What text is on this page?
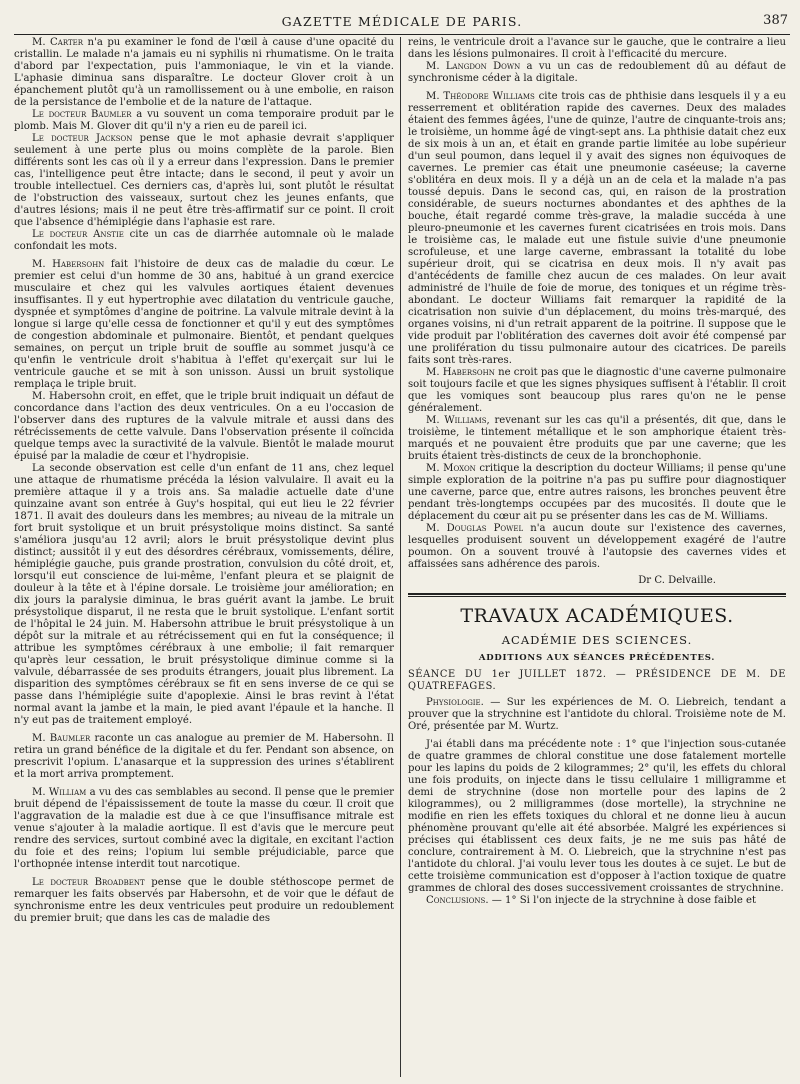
GAZETTE MÉDICALE DE PARIS.	387

M. Carter n'a pu examiner le fond de l'œil à cause d'une opacité du cristallin. Le malade n'a jamais eu ni syphilis ni rhumatisme. On le traita d'abord par l'expectation, puis l'ammoniaque, le vin et la viande. L'aphasie diminua sans disparaître. Le docteur Glover croit à un épanchement plutôt qu'à un ramollissement ou à une embolie, en raison de la persistance de l'embolie et de la nature de l'attaque.

Le docteur Baumler a vu souvent un coma temporaire produit par le plomb. Mais M. Glover dit qu'il n'y a rien eu de pareil ici.

Le docteur Jackson pense que le mot aphasie devrait s'appliquer seulement à une perte plus ou moins complète de la parole. Bien différents sont les cas où il y a erreur dans l'expression. Dans le premier cas, l'intelligence peut être intacte; dans le second, il peut y avoir un trouble intellectuel. Ces derniers cas, d'après lui, sont plutôt le résultat de l'obstruction des vaisseaux, surtout chez les jeunes enfants, que d'autres lésions; mais il ne peut être très-affirmatif sur ce point. Il croit que l'absence d'hémiplégie dans l'aphasie est rare.

Le docteur Anstie cite un cas de diarrhée automnale où le malade confondait les mots.

M. Habersohn fait l'histoire de deux cas de maladie du cœur. Le premier est celui d'un homme de 30 ans, habitué à un grand exercice musculaire et chez qui les valvules aortiques étaient devenues insuffisantes. Il y eut hypertrophie avec dilatation du ventricule gauche, dyspnée et symptômes d'angine de poitrine. La valvule mitrale devint à la longue si large qu'elle cessa de fonctionner et qu'il y eut des symptômes de congestion abdominale et pulmonaire. Bientôt, et pendant quelques semaines, on perçut un triple bruit de souffle au sommet jusqu'à ce qu'enfin le ventricule droit s'habitua à l'effet qu'exerçait sur lui le ventricule gauche et se mit à son unisson. Aussi un bruit systolique remplaça le triple bruit.

M. Habersohn croit, en effet, que le triple bruit indiquait un défaut de concordance dans l'action des deux ventricules. On a eu l'occasion de l'observer dans des ruptures de la valvule mitrale et aussi dans des rétrécissements de cette valvule. Dans l'observation présente il coïncida quelque temps avec la suractivité de la valvule. Bientôt le malade mourut épuisé par la maladie de cœur et l'hydropisie.

La seconde observation est celle d'un enfant de 11 ans, chez lequel une attaque de rhumatisme précéda la lésion valvulaire. Il avait eu la première attaque il y a trois ans. Sa maladie actuelle date d'une quinzaine avant son entrée à Guy's hospital, qui eut lieu le 22 février 1871. Il avait des douleurs dans les membres; au niveau de la mitrale un fort bruit systolique et un bruit présystolique moins distinct. Sa santé s'améliora jusqu'au 12 avril; alors le bruit présystolique devint plus distinct; aussitôt il y eut des désordres cérébraux, vomissements, délire, hémiplégie gauche, puis grande prostration, convulsion du côté droit, et, lorsqu'il eut conscience de lui-même, l'enfant pleura et se plaignit de douleur à la tête et à l'épine dorsale. Le troisième jour amélioration; en dix jours la paralysie diminua, le bras guérit avant la jambe. Le bruit présystolique disparut, il ne resta que le bruit systolique. L'enfant sortit de l'hôpital le 24 juin. M. Habersohn attribue le bruit présystolique à un dépôt sur la mitrale et au rétrécissement qui en fut la conséquence; il attribue les symptômes cérébraux à une embolie; il fait remarquer qu'après leur cessation, le bruit présystolique diminue comme si la valvule, débarrassée de ses produits étrangers, jouait plus librement. La disparition des symptômes cérébraux se fit en sens inverse de ce qui se passe dans l'hémiplégie suite d'apoplexie. Ainsi le bras revint à l'état normal avant la jambe et la main, le pied avant l'épaule et la hanche. Il n'y eut pas de traitement employé.

M. Baumler raconte un cas analogue au premier de M. Habersohn. Il retira un grand bénéfice de la digitale et du fer. Pendant son absence, on prescrivit l'opium. L'anasarque et la suppression des urines s'établirent et la mort arriva promptement.

M. William a vu des cas semblables au second. Il pense que le premier bruit dépend de l'épaississement de toute la masse du cœur. Il croit que l'aggravation de la maladie est due à ce que l'insuffisance mitrale est venue s'ajouter à la maladie aortique. Il est d'avis que le mercure peut rendre des services, surtout combiné avec la digitale, en excitant l'action du foie et des reins; l'opium lui semble préjudiciable, parce que l'orthopnée intense interdit tout narcotique.

Le docteur Broadbent pense que le double stéthoscope permet de remarquer les faits observés par Habersohn, et de voir que le défaut de synchronisme entre les deux ventricules peut produire un redoublement du premier bruit; que dans les cas de maladie des

reins, le ventricule droit a l'avance sur le gauche, que le contraire a lieu dans les lésions pulmonaires. Il croit à l'efficacité du mercure.

M. Langdon Down a vu un cas de redoublement dû au défaut de synchronisme céder à la digitale.

M. Théodore Williams cite trois cas de phthisie dans lesquels il y a eu resserrement et oblitération rapide des cavernes. Deux des malades étaient des femmes âgées, l'une de quinze, l'autre de cinquante-trois ans; le troisième, un homme âgé de vingt-sept ans. La phthisie datait chez eux de six mois à un an, et était en grande partie limitée au lobe supérieur d'un seul poumon, dans lequel il y avait des signes non équivoques de cavernes. Le premier cas était une pneumonie caséeuse; la caverne s'oblitéra en deux mois. Il y a déjà un an de cela et la malade n'a pas toussé depuis. Dans le second cas, qui, en raison de la prostration considérable, de sueurs nocturnes abondantes et des aphthes de la bouche, était regardé comme très-grave, la maladie succéda à une pleuro-pneumonie et les cavernes furent cicatrisées en trois mois. Dans le troisième cas, le malade eut une fistule suivie d'une pneumonie scrofuleuse, et une large caverne, embrassant la totalité du lobe supérieur droit, qui se cicatrisa en deux mois. Il n'y avait pas d'antécédents de famille chez aucun de ces malades. On leur avait administré de l'huile de foie de morue, des toniques et un régime très-abondant. Le docteur Williams fait remarquer la rapidité de la cicatrisation non suivie d'un déplacement, du moins très-marqué, des organes voisins, ni d'un retrait apparent de la poitrine. Il suppose que le vide produit par l'oblitération des cavernes doit avoir été compensé par une prolifération du tissu pulmonaire autour des cicatrices. De pareils faits sont très-rares.

M. Habersohn ne croit pas que le diagnostic d'une caverne pulmonaire soit toujours facile et que les signes physiques suffisent à l'établir. Il croit que les vomiques sont beaucoup plus rares qu'on ne le pense généralement.

M. Williams, revenant sur les cas qu'il a présentés, dit que, dans le troisième, le tintement métallique et le son amphorique étaient très-marqués et ne pouvaient être produits que par une caverne; que les bruits étaient très-distincts de ceux de la bronchophonie.

M. Moxon critique la description du docteur Williams; il pense qu'une simple exploration de la poitrine n'a pas pu suffire pour diagnostiquer une caverne, parce que, entre autres raisons, les bronches peuvent être pendant très-longtemps occupées par des mucosités. Il doute que le déplacement du cœur ait pu se présenter dans les cas de M. Williams.

M. Douglas Powel n'a aucun doute sur l'existence des cavernes, lesquelles produisent souvent un développement exagéré de l'autre poumon. On a souvent trouvé à l'autopsie des cavernes vides et affaissées sans adhérence des parois.

Dr C. Delvaille.
TRAVAUX ACADÉMIQUES.
ACADÉMIE DES SCIENCES.
ADDITIONS AUX SÉANCES PRÉCÉDENTES.

SÉANCE DU 1er JUILLET 1872. — PRÉSIDENCE DE M. DE QUATREFAGES.

Physiologie. — Sur les expériences de M. O. Liebreich, tendant a prouver que la strychnine est l'antidote du chloral. Troisième note de M. Oré, présentée par M. Wurtz.

J'ai établi dans ma précédente note : 1° que l'injection sous-cutanée de quatre grammes de chloral constitue une dose fatalement mortelle pour les lapins du poids de 2 kilogrammes; 2° qu'il, les effets du chloral une fois produits, on injecte dans le tissu cellulaire 1 milligramme et demi de strychnine (dose non mortelle pour des lapins de 2 kilogrammes), ou 2 milligrammes (dose mortelle), la strychnine ne modifie en rien les effets toxiques du chloral et ne donne lieu à aucun phénomène prouvant qu'elle ait été absorbée. Malgré les expériences si précises qui établissent ces deux faits, je ne me suis pas hâté de conclure, contrairement à M. O. Liebreich, que la strychnine n'est pas l'antidote du chloral. J'ai voulu lever tous les doutes à ce sujet. Le but de cette troisième communication est d'opposer à l'action toxique de quatre grammes de chloral des doses successivement croissantes de strychnine.

Conclusions. — 1° Si l'on injecte de la strychnine à dose faible et
